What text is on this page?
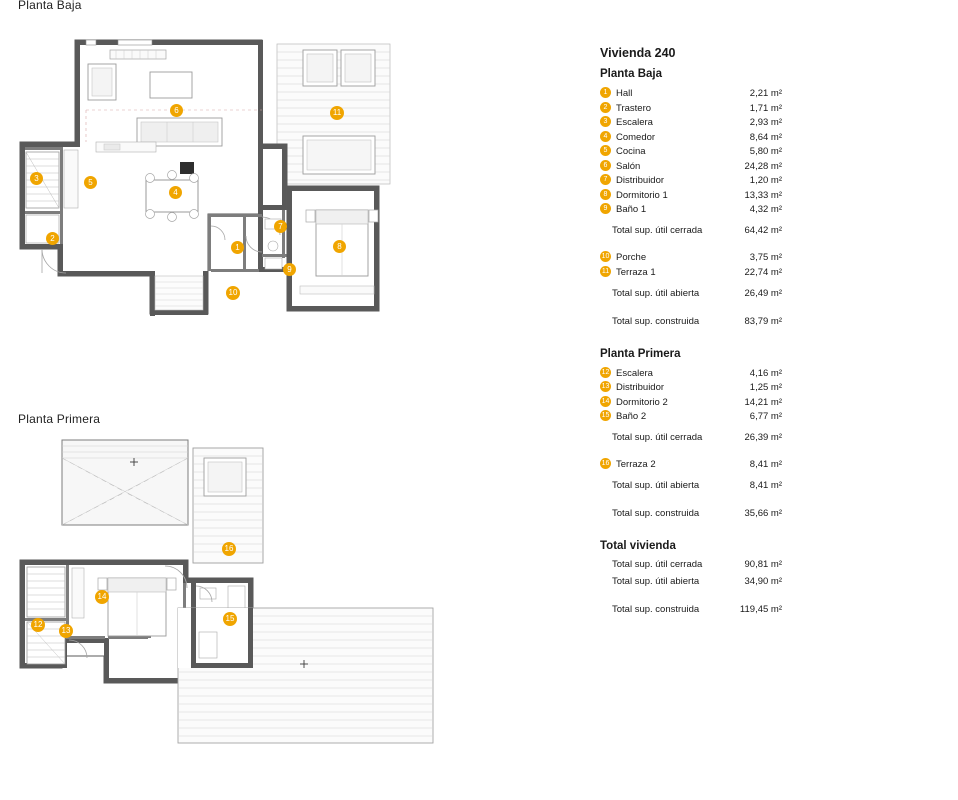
Planta Baja
6	11
3	5
4
2
7
1	8
9
10
Planta Primera
16
14
15
12
13
Vivienda 240
Planta Baja
1 Hall	2,21 m²
2 Trastero	1,71 m²
3 Escalera	2,93 m²
4 Comedor	8,64 m²
5 Cocina	5,80 m²
6 Salón	24,28 m²
7 Distribuidor	1,20 m²
8 Dormitorio 1	13,33 m²
9 Baño 1	4,32 m²
Total sup. útil cerrada	64,42 m²
10 Porche	3,75 m²
11 Terraza 1	22,74 m²
Total sup. útil abierta	26,49 m²
Total sup. construida	83,79 m²
Planta Primera
12 Escalera	4,16 m²
13 Distribuidor	1,25 m²
14 Dormitorio 2	14,21 m²
15 Baño 2	6,77 m²
Total sup. útil cerrada	26,39 m²
16 Terraza 2	8,41 m²
Total sup. útil abierta	8,41 m²
Total sup. construida	35,66 m²
Total vivienda
Total sup. útil cerrada	90,81 m²
Total sup. útil abierta	34,90 m²
Total sup. construida	119,45 m²
